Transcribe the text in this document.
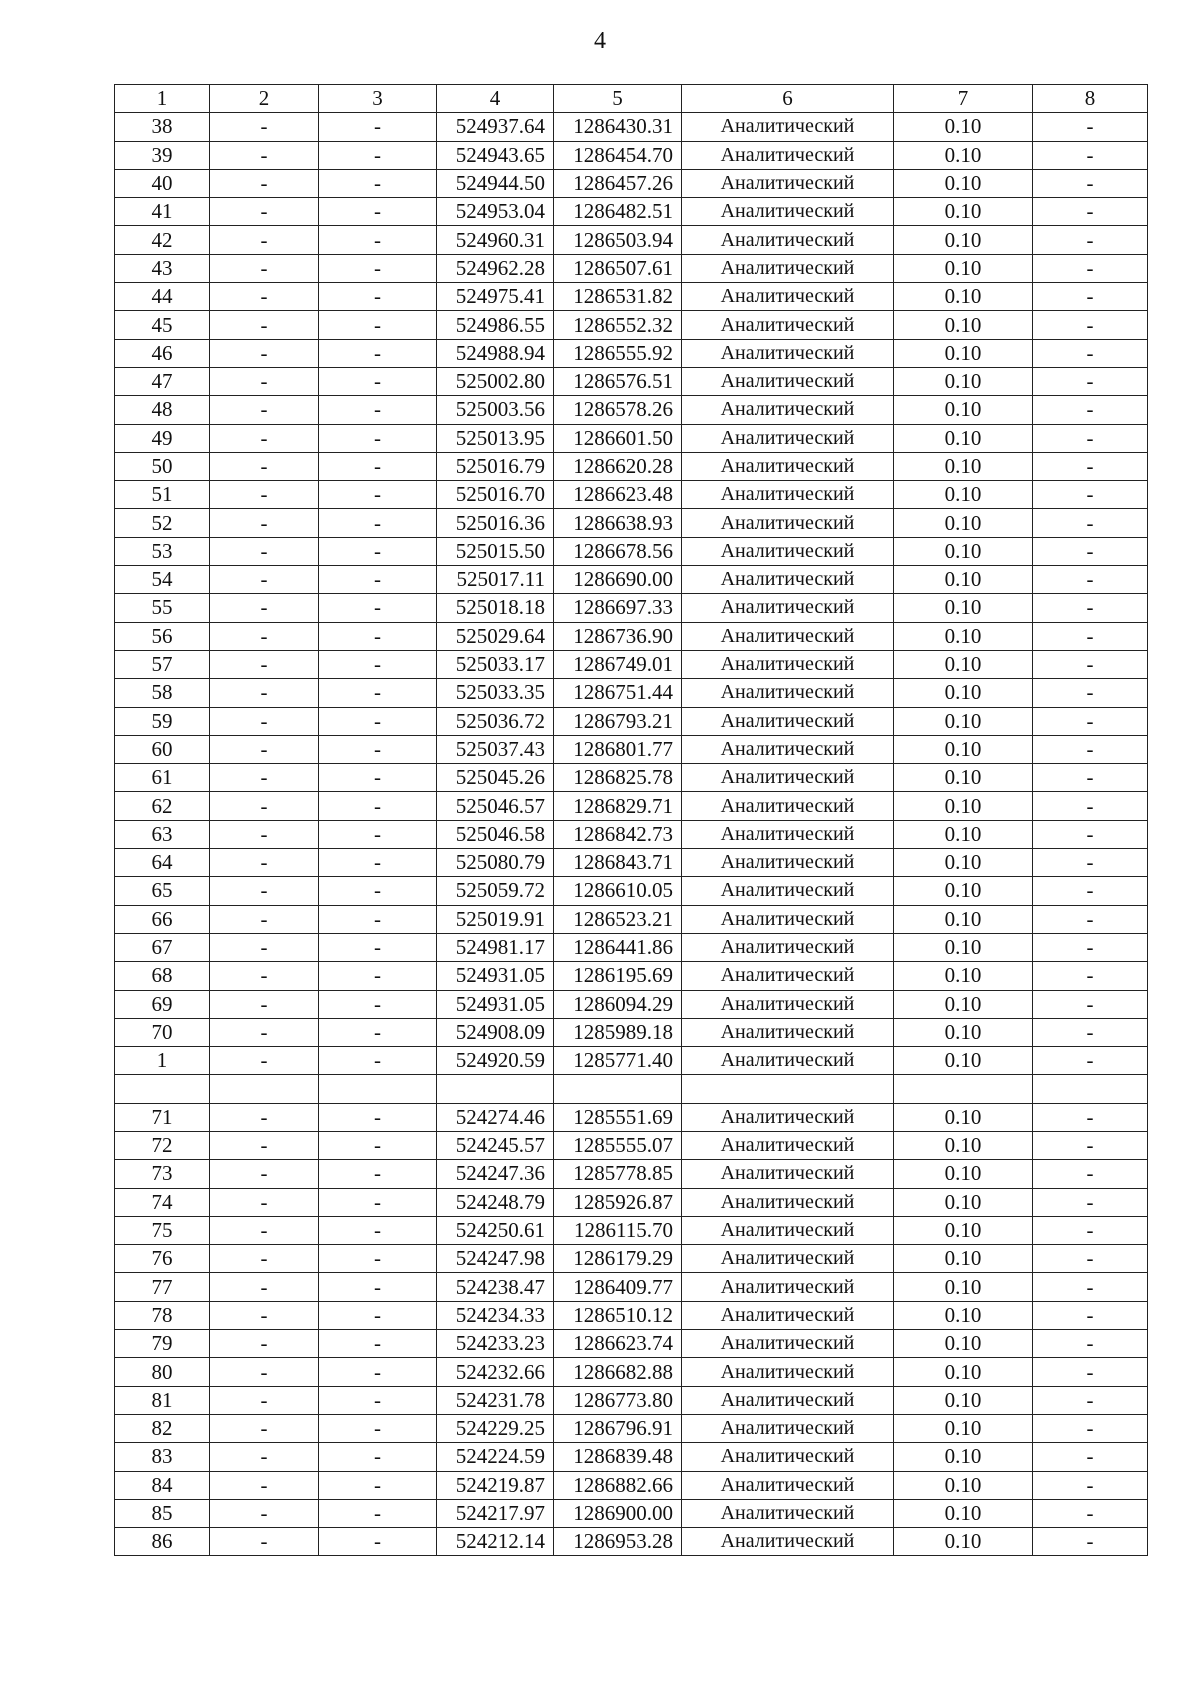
4
1	2	3	4	5	6	7	8
38	-	-	524937.64	1286430.31	Аналитический	0.10	-
39	-	-	524943.65	1286454.70	Аналитический	0.10	-
40	-	-	524944.50	1286457.26	Аналитический	0.10	-
41	-	-	524953.04	1286482.51	Аналитический	0.10	-
42	-	-	524960.31	1286503.94	Аналитический	0.10	-
43	-	-	524962.28	1286507.61	Аналитический	0.10	-
44	-	-	524975.41	1286531.82	Аналитический	0.10	-
45	-	-	524986.55	1286552.32	Аналитический	0.10	-
46	-	-	524988.94	1286555.92	Аналитический	0.10	-
47	-	-	525002.80	1286576.51	Аналитический	0.10	-
48	-	-	525003.56	1286578.26	Аналитический	0.10	-
49	-	-	525013.95	1286601.50	Аналитический	0.10	-
50	-	-	525016.79	1286620.28	Аналитический	0.10	-
51	-	-	525016.70	1286623.48	Аналитический	0.10	-
52	-	-	525016.36	1286638.93	Аналитический	0.10	-
53	-	-	525015.50	1286678.56	Аналитический	0.10	-
54	-	-	525017.11	1286690.00	Аналитический	0.10	-
55	-	-	525018.18	1286697.33	Аналитический	0.10	-
56	-	-	525029.64	1286736.90	Аналитический	0.10	-
57	-	-	525033.17	1286749.01	Аналитический	0.10	-
58	-	-	525033.35	1286751.44	Аналитический	0.10	-
59	-	-	525036.72	1286793.21	Аналитический	0.10	-
60	-	-	525037.43	1286801.77	Аналитический	0.10	-
61	-	-	525045.26	1286825.78	Аналитический	0.10	-
62	-	-	525046.57	1286829.71	Аналитический	0.10	-
63	-	-	525046.58	1286842.73	Аналитический	0.10	-
64	-	-	525080.79	1286843.71	Аналитический	0.10	-
65	-	-	525059.72	1286610.05	Аналитический	0.10	-
66	-	-	525019.91	1286523.21	Аналитический	0.10	-
67	-	-	524981.17	1286441.86	Аналитический	0.10	-
68	-	-	524931.05	1286195.69	Аналитический	0.10	-
69	-	-	524931.05	1286094.29	Аналитический	0.10	-
70	-	-	524908.09	1285989.18	Аналитический	0.10	-
1	-	-	524920.59	1285771.40	Аналитический	0.10	-

71	-	-	524274.46	1285551.69	Аналитический	0.10	-
72	-	-	524245.57	1285555.07	Аналитический	0.10	-
73	-	-	524247.36	1285778.85	Аналитический	0.10	-
74	-	-	524248.79	1285926.87	Аналитический	0.10	-
75	-	-	524250.61	1286115.70	Аналитический	0.10	-
76	-	-	524247.98	1286179.29	Аналитический	0.10	-
77	-	-	524238.47	1286409.77	Аналитический	0.10	-
78	-	-	524234.33	1286510.12	Аналитический	0.10	-
79	-	-	524233.23	1286623.74	Аналитический	0.10	-
80	-	-	524232.66	1286682.88	Аналитический	0.10	-
81	-	-	524231.78	1286773.80	Аналитический	0.10	-
82	-	-	524229.25	1286796.91	Аналитический	0.10	-
83	-	-	524224.59	1286839.48	Аналитический	0.10	-
84	-	-	524219.87	1286882.66	Аналитический	0.10	-
85	-	-	524217.97	1286900.00	Аналитический	0.10	-
86	-	-	524212.14	1286953.28	Аналитический	0.10	-
